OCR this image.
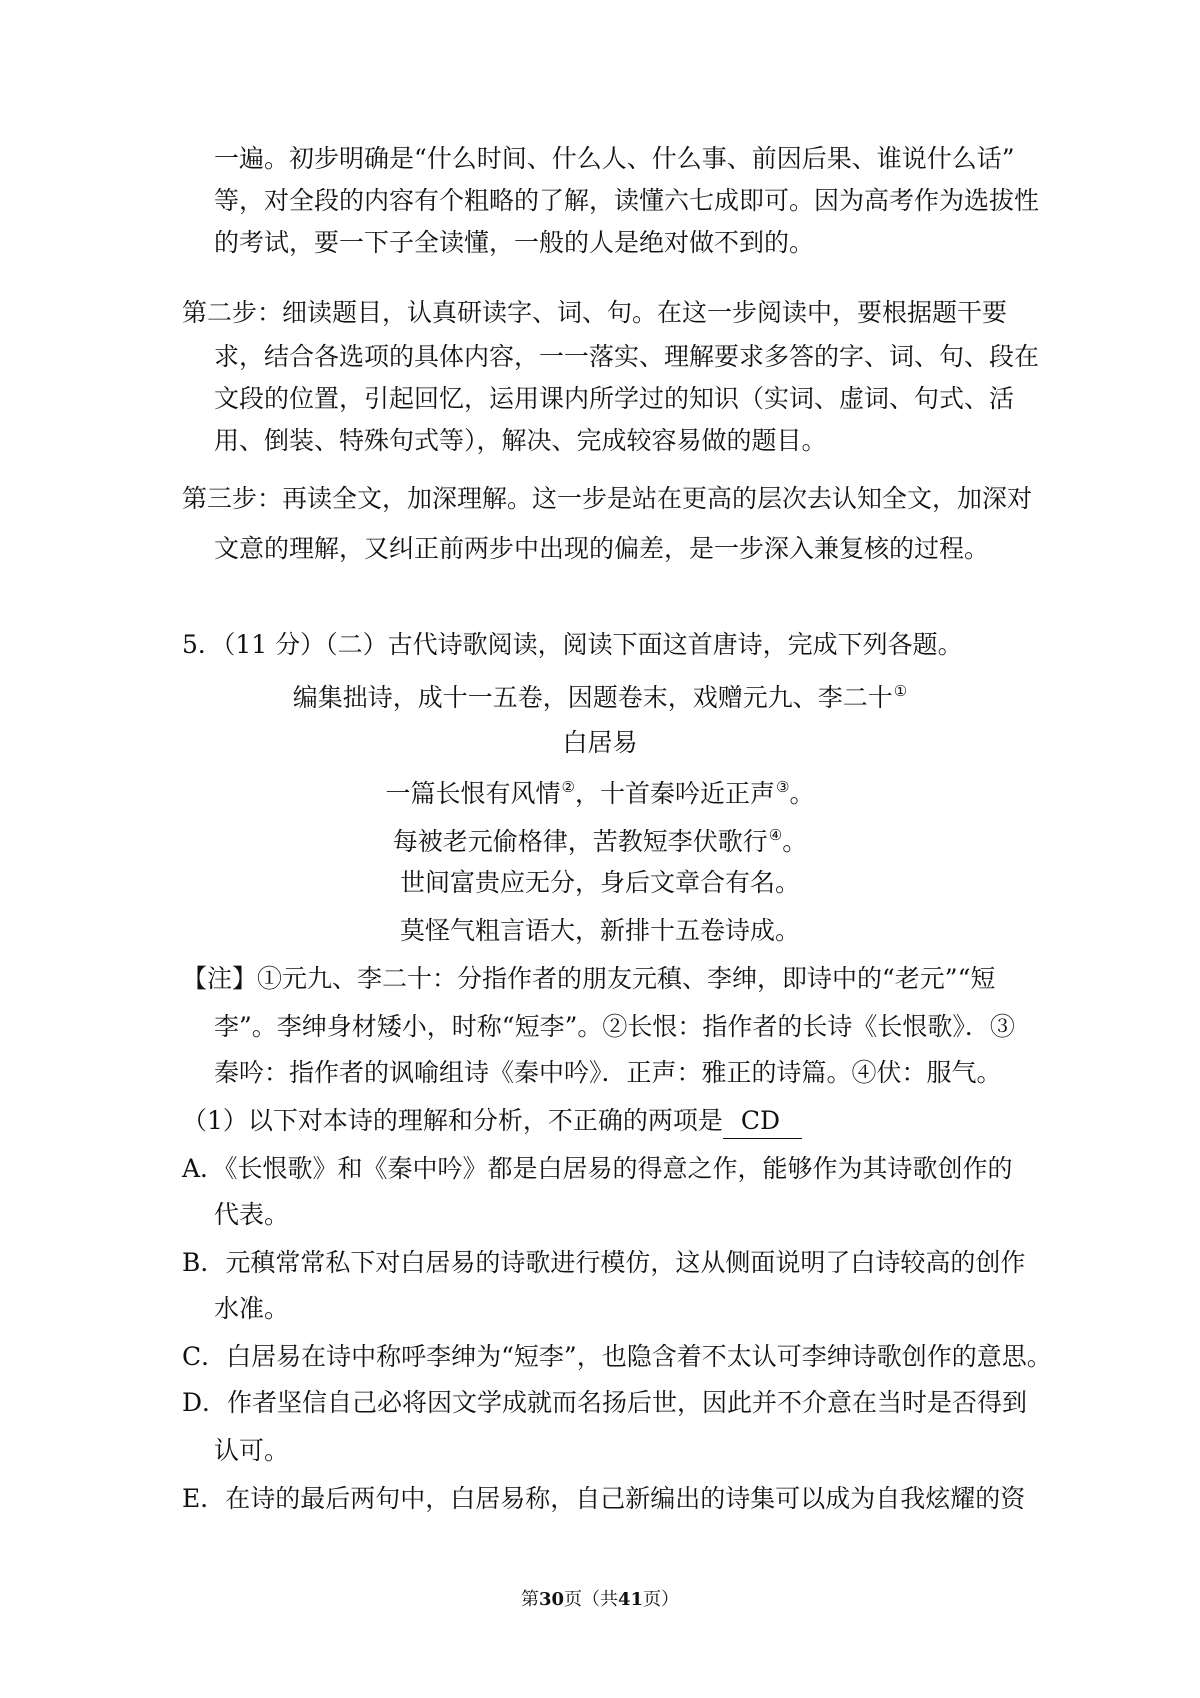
一遍。初步明确是“什么时间、什么人、什么事、前因后果、谁说什么话”
等，对全段的内容有个粗略的了解，读懂六七成即可。因为高考作为选拔性
的考试，要一下子全读懂，一般的人是绝对做不到的。
第二步：细读题目，认真研读字、词、句。在这一步阅读中，要根据题干要
求，结合各选项的具体内容，一一落实、理解要求多答的字、词、句、段在
文段的位置，引起回忆，运用课内所学过的知识（实词、虚词、句式、活
用、倒装、特殊句式等），解决、完成较容易做的题目。
第三步：再读全文，加深理解。这一步是站在更高的层次去认知全文，加深对
文意的理解，又纠正前两步中出现的偏差，是一步深入兼复核的过程。
5．（11 分）（二）古代诗歌阅读，阅读下面这首唐诗，完成下列各题。
编集拙诗，成十一五卷，因题卷末，戏赠元九、李二十①
白居易
一篇长恨有风情②，十首秦吟近正声③。
每被老元偷格律，苦教短李伏歌行④。
世间富贵应无分，身后文章合有名。
莫怪气粗言语大，新排十五卷诗成。
【注】①元九、李二十：分指作者的朋友元稹、李绅，即诗中的“老元”“短
李”。李绅身材矮小，时称“短李”。②长恨：指作者的长诗《长恨歌》．③
秦吟：指作者的讽喻组诗《秦中吟》．正声：雅正的诗篇。④伏：服气。
（1）以下对本诗的理解和分析，不正确的两项是 CD
A．《长恨歌》和《秦中吟》都是白居易的得意之作，能够作为其诗歌创作的
代表。
B．元稹常常私下对白居易的诗歌进行模仿，这从侧面说明了白诗较高的创作
水准。
C．白居易在诗中称呼李绅为“短李”，也隐含着不太认可李绅诗歌创作的意思。
D．作者坚信自己必将因文学成就而名扬后世，因此并不介意在当时是否得到
认可。
E．在诗的最后两句中，白居易称，自己新编出的诗集可以成为自我炫耀的资
第30页（共41页）
